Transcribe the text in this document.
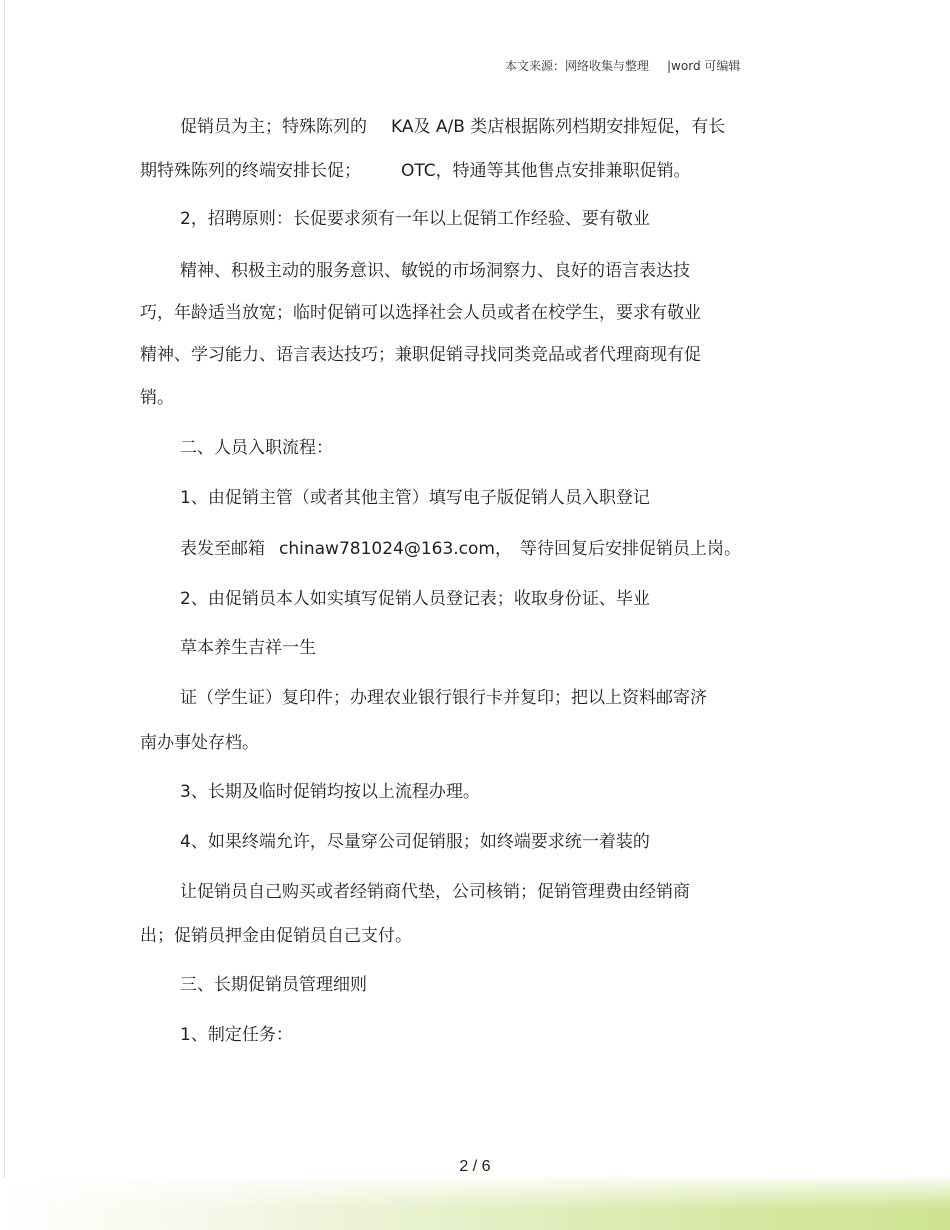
本文来源：网络收集与整理 |word 可编辑
促销员为主；特殊陈列的 KA及 A/B 类店根据陈列档期安排短促，有长
期特殊陈列的终端安排长促； OTC，特通等其他售点安排兼职促销。
2，招聘原则：长促要求须有一年以上促销工作经验、要有敬业
精神、积极主动的服务意识、敏锐的市场洞察力、良好的语言表达技
巧，年龄适当放宽；临时促销可以选择社会人员或者在校学生，要求有敬业
精神、学习能力、语言表达技巧；兼职促销寻找同类竞品或者代理商现有促
销。
二、人员入职流程：
1、由促销主管（或者其他主管）填写电子版促销人员入职登记
表发至邮箱 chinaw781024@163.com， 等待回复后安排促销员上岗。
2、由促销员本人如实填写促销人员登记表；收取身份证、毕业
草本养生吉祥一生
证（学生证）复印件；办理农业银行银行卡并复印；把以上资料邮寄济
南办事处存档。
3、长期及临时促销均按以上流程办理。
4、如果终端允许，尽量穿公司促销服；如终端要求统一着装的
让促销员自己购买或者经销商代垫，公司核销；促销管理费由经销商
出；促销员押金由促销员自己支付。
三、长期促销员管理细则
1、制定任务：
2 / 6
